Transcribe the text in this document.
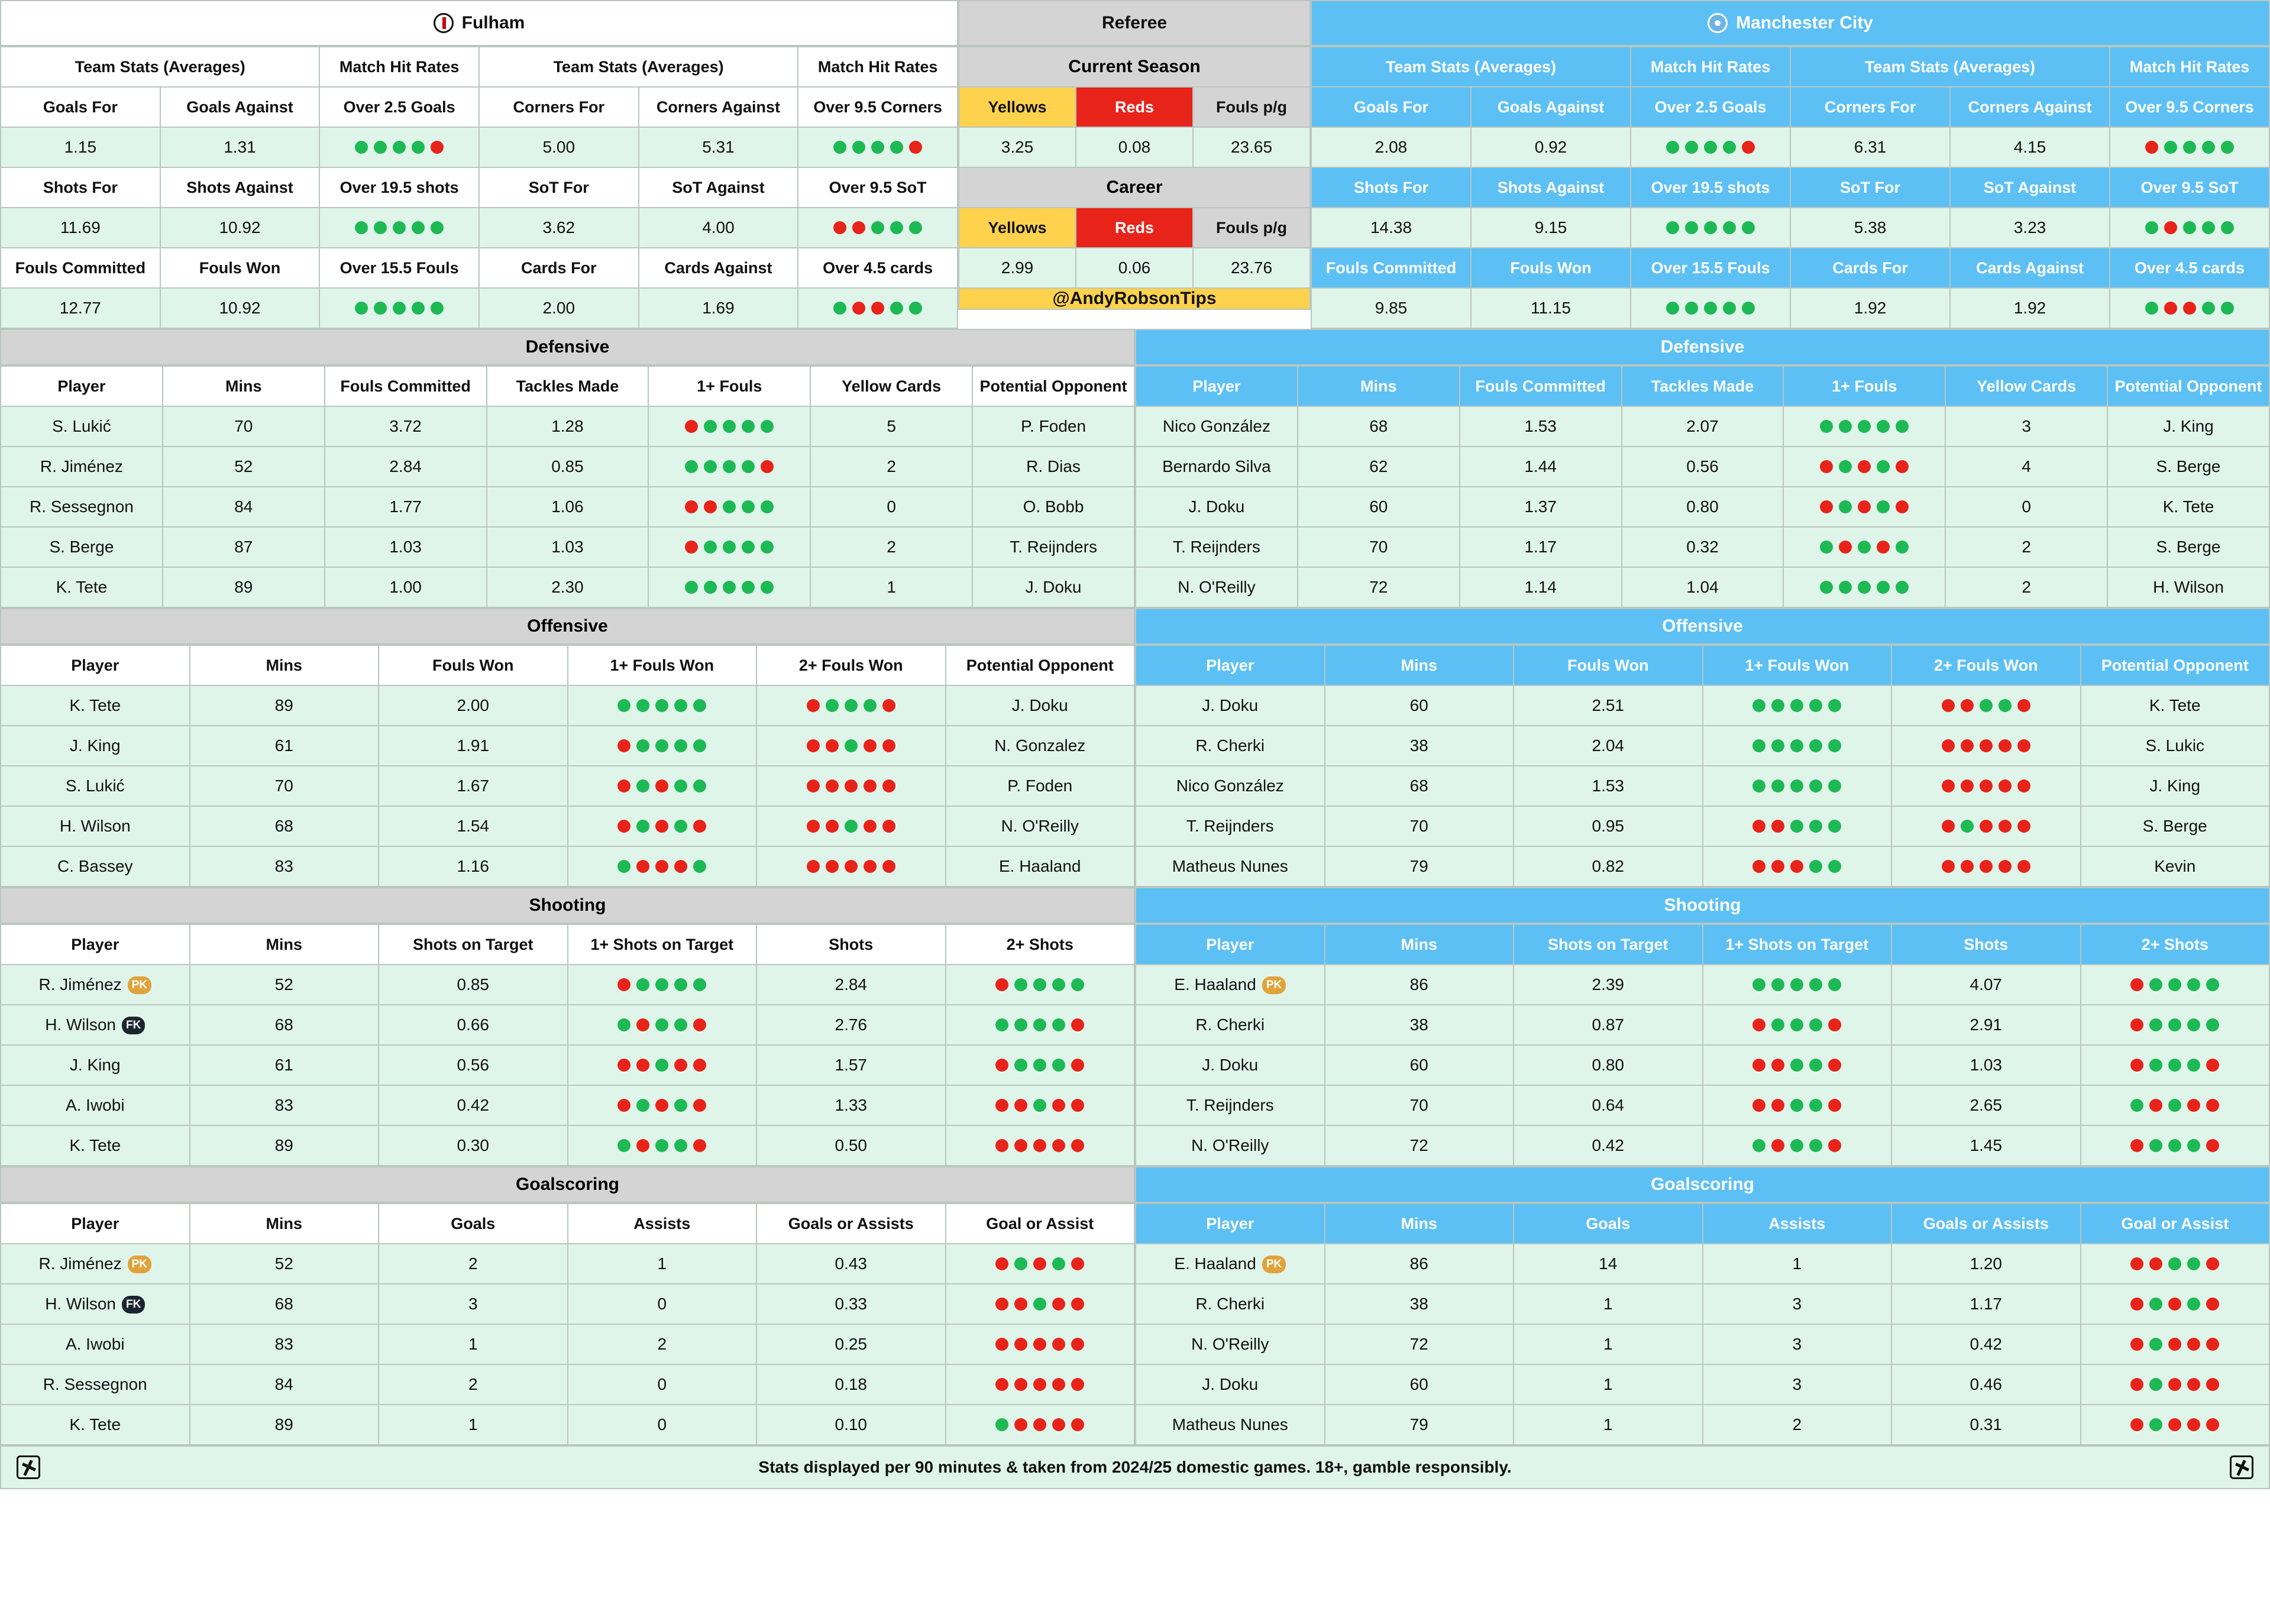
Fulham	Referee	Manchester City
Team Stats (Averages)		Match Hit Rates	Team Stats (Averages)		Match Hit Rates
Goals For	Goals Against	Over 2.5 Goals	Corners For	Corners Against	Over 9.5 Corners
1.15	1.31		5.00	5.31	

Shots For	Shots Against	Over 19.5 shots	SoT For	SoT Against	Over 9.5 SoT
11.69	10.92		3.62	4.00	

Fouls Committed	Fouls Won	Over 15.5 Fouls	Cards For	Cards Against	Over 4.5 cards
12.77	10.92		2.00	1.69	
Current Season		
Yellows	Reds	Fouls p/g
3.25	0.08	23.65
Career		
Yellows	Reds	Fouls p/g
2.99	0.06	23.76
@AndyRobsonTips		
Team Stats (Averages)		Match Hit Rates	Team Stats (Averages)		Match Hit Rates
Goals For	Goals Against	Over 2.5 Goals	Corners For	Corners Against	Over 9.5 Corners
2.08	0.92		6.31	4.15	

Shots For	Shots Against	Over 19.5 shots	SoT For	SoT Against	Over 9.5 SoT
14.38	9.15		5.38	3.23	

Fouls Committed	Fouls Won	Over 15.5 Fouls	Cards For	Cards Against	Over 4.5 cards
9.85	11.15		1.92	1.92	
Defensive
Player	Mins	Fouls Committed	Tackles Made	1+ Fouls	Yellow Cards	Potential Opponent
S. Lukić	70	3.72	1.28		5	P. Foden
R. Jiménez	52	2.84	0.85		2	R. Dias
R. Sessegnon	84	1.77	1.06		0	O. Bobb
S. Berge	87	1.03	1.03		2	T. Reijnders
K. Tete	89	1.00	2.30		1	J. Doku
Defensive
Player	Mins	Fouls Committed	Tackles Made	1+ Fouls	Yellow Cards	Potential Opponent
Nico González	68	1.53	2.07		3	J. King
Bernardo Silva	62	1.44	0.56		4	S. Berge
J. Doku	60	1.37	0.80		0	K. Tete
T. Reijnders	70	1.17	0.32		2	S. Berge
N. O'Reilly	72	1.14	1.04		2	H. Wilson
Offensive
Player	Mins	Fouls Won	1+ Fouls Won	2+ Fouls Won	Potential Opponent
K. Tete	89	2.00			J. Doku
J. King	61	1.91			N. Gonzalez
S. Lukić	70	1.67			P. Foden
H. Wilson	68	1.54			N. O'Reilly
C. Bassey	83	1.16			E. Haaland
Offensive
Player	Mins	Fouls Won	1+ Fouls Won	2+ Fouls Won	Potential Opponent
J. Doku	60	2.51			K. Tete
R. Cherki	38	2.04			S. Lukic
Nico González	68	1.53			J. King
T. Reijnders	70	0.95			S. Berge
Matheus Nunes	79	0.82			Kevin
Shooting
Player	Mins	Shots on Target	1+ Shots on Target	Shots	2+ Shots
R. Jiménez PK	52	0.85		2.84	

H. Wilson FK	68	0.66		2.76	

J. King	61	0.56		1.57	

A. Iwobi	83	0.42		1.33	

K. Tete	89	0.30		0.50	
Shooting
Player	Mins	Shots on Target	1+ Shots on Target	Shots	2+ Shots
E. Haaland PK	86	2.39		4.07	

R. Cherki	38	0.87		2.91	

J. Doku	60	0.80		1.03	

T. Reijnders	70	0.64		2.65	

N. O'Reilly	72	0.42		1.45	
Goalscoring
Player	Mins	Goals	Assists	Goals or Assists	Goal or Assist
R. Jiménez PK	52	2	1	0.43	

H. Wilson FK	68	3	0	0.33	

A. Iwobi	83	1	2	0.25	

R. Sessegnon	84	2	0	0.18	

K. Tete	89	1	0	0.10	
Goalscoring
Player	Mins	Goals	Assists	Goals or Assists	Goal or Assist
E. Haaland PK	86	14	1	1.20	

R. Cherki	38	1	3	1.17	

N. O'Reilly	72	1	3	0.42	

J. Doku	60	1	3	0.46	

Matheus Nunes	79	1	2	0.31	
Stats displayed per 90 minutes & taken from 2024/25 domestic games. 18+, gamble responsibly.
